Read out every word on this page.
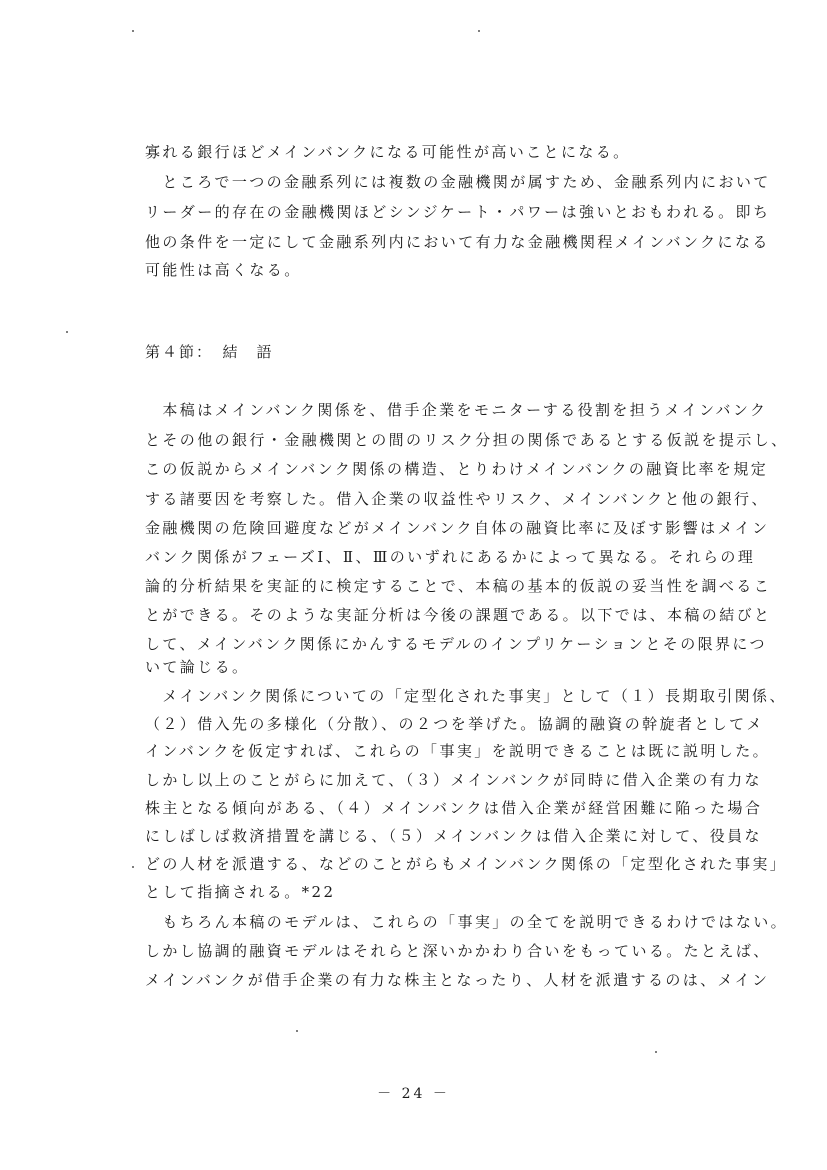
寡れる銀行ほどメインバンクになる可能性が高いことになる。
　ところで一つの金融系列には複数の金融機関が属すため、金融系列内において
リーダー的存在の金融機関ほどシンジケート・パワーは強いとおもわれる。即ち
他の条件を一定にして金融系列内において有力な金融機関程メインバンクになる
可能性は高くなる。
第４節：　結　語
　本稿はメインバンク関係を、借手企業をモニターする役割を担うメインバンク
とその他の銀行・金融機関との間のリスク分担の関係であるとする仮説を提示し、
この仮説からメインバンク関係の構造、とりわけメインバンクの融資比率を規定
する諸要因を考察した。借入企業の収益性やリスク、メインバンクと他の銀行、
金融機関の危険回避度などがメインバンク自体の融資比率に及ぼす影響はメイン
バンク関係がフェーズⅠ、Ⅱ、Ⅲのいずれにあるかによって異なる。それらの理
論的分析結果を実証的に検定することで、本稿の基本的仮説の妥当性を調べるこ
とができる。そのような実証分析は今後の課題である。以下では、本稿の結びと
して、メインバンク関係にかんするモデルのインプリケーションとその限界につ
いて論じる。
　メインバンク関係についての「定型化された事実」として（１）長期取引関係、
（２）借入先の多様化（分散）、の２つを挙げた。協調的融資の幹旋者としてメ
インバンクを仮定すれば、これらの「事実」を説明できることは既に説明した。
しかし以上のことがらに加えて、（３）メインバンクが同時に借入企業の有力な
株主となる傾向がある、（４）メインバンクは借入企業が経営困難に陥った場合
にしばしば救済措置を講じる、（５）メインバンクは借入企業に対して、役員な
どの人材を派遣する、などのことがらもメインバンク関係の「定型化された事実」
として指摘される。*22
　もちろん本稿のモデルは、これらの「事実」の全てを説明できるわけではない。
しかし協調的融資モデルはそれらと深いかかわり合いをもっている。たとえば、
メインバンクが借手企業の有力な株主となったり、人材を派遣するのは、メイン
－ 24 －
